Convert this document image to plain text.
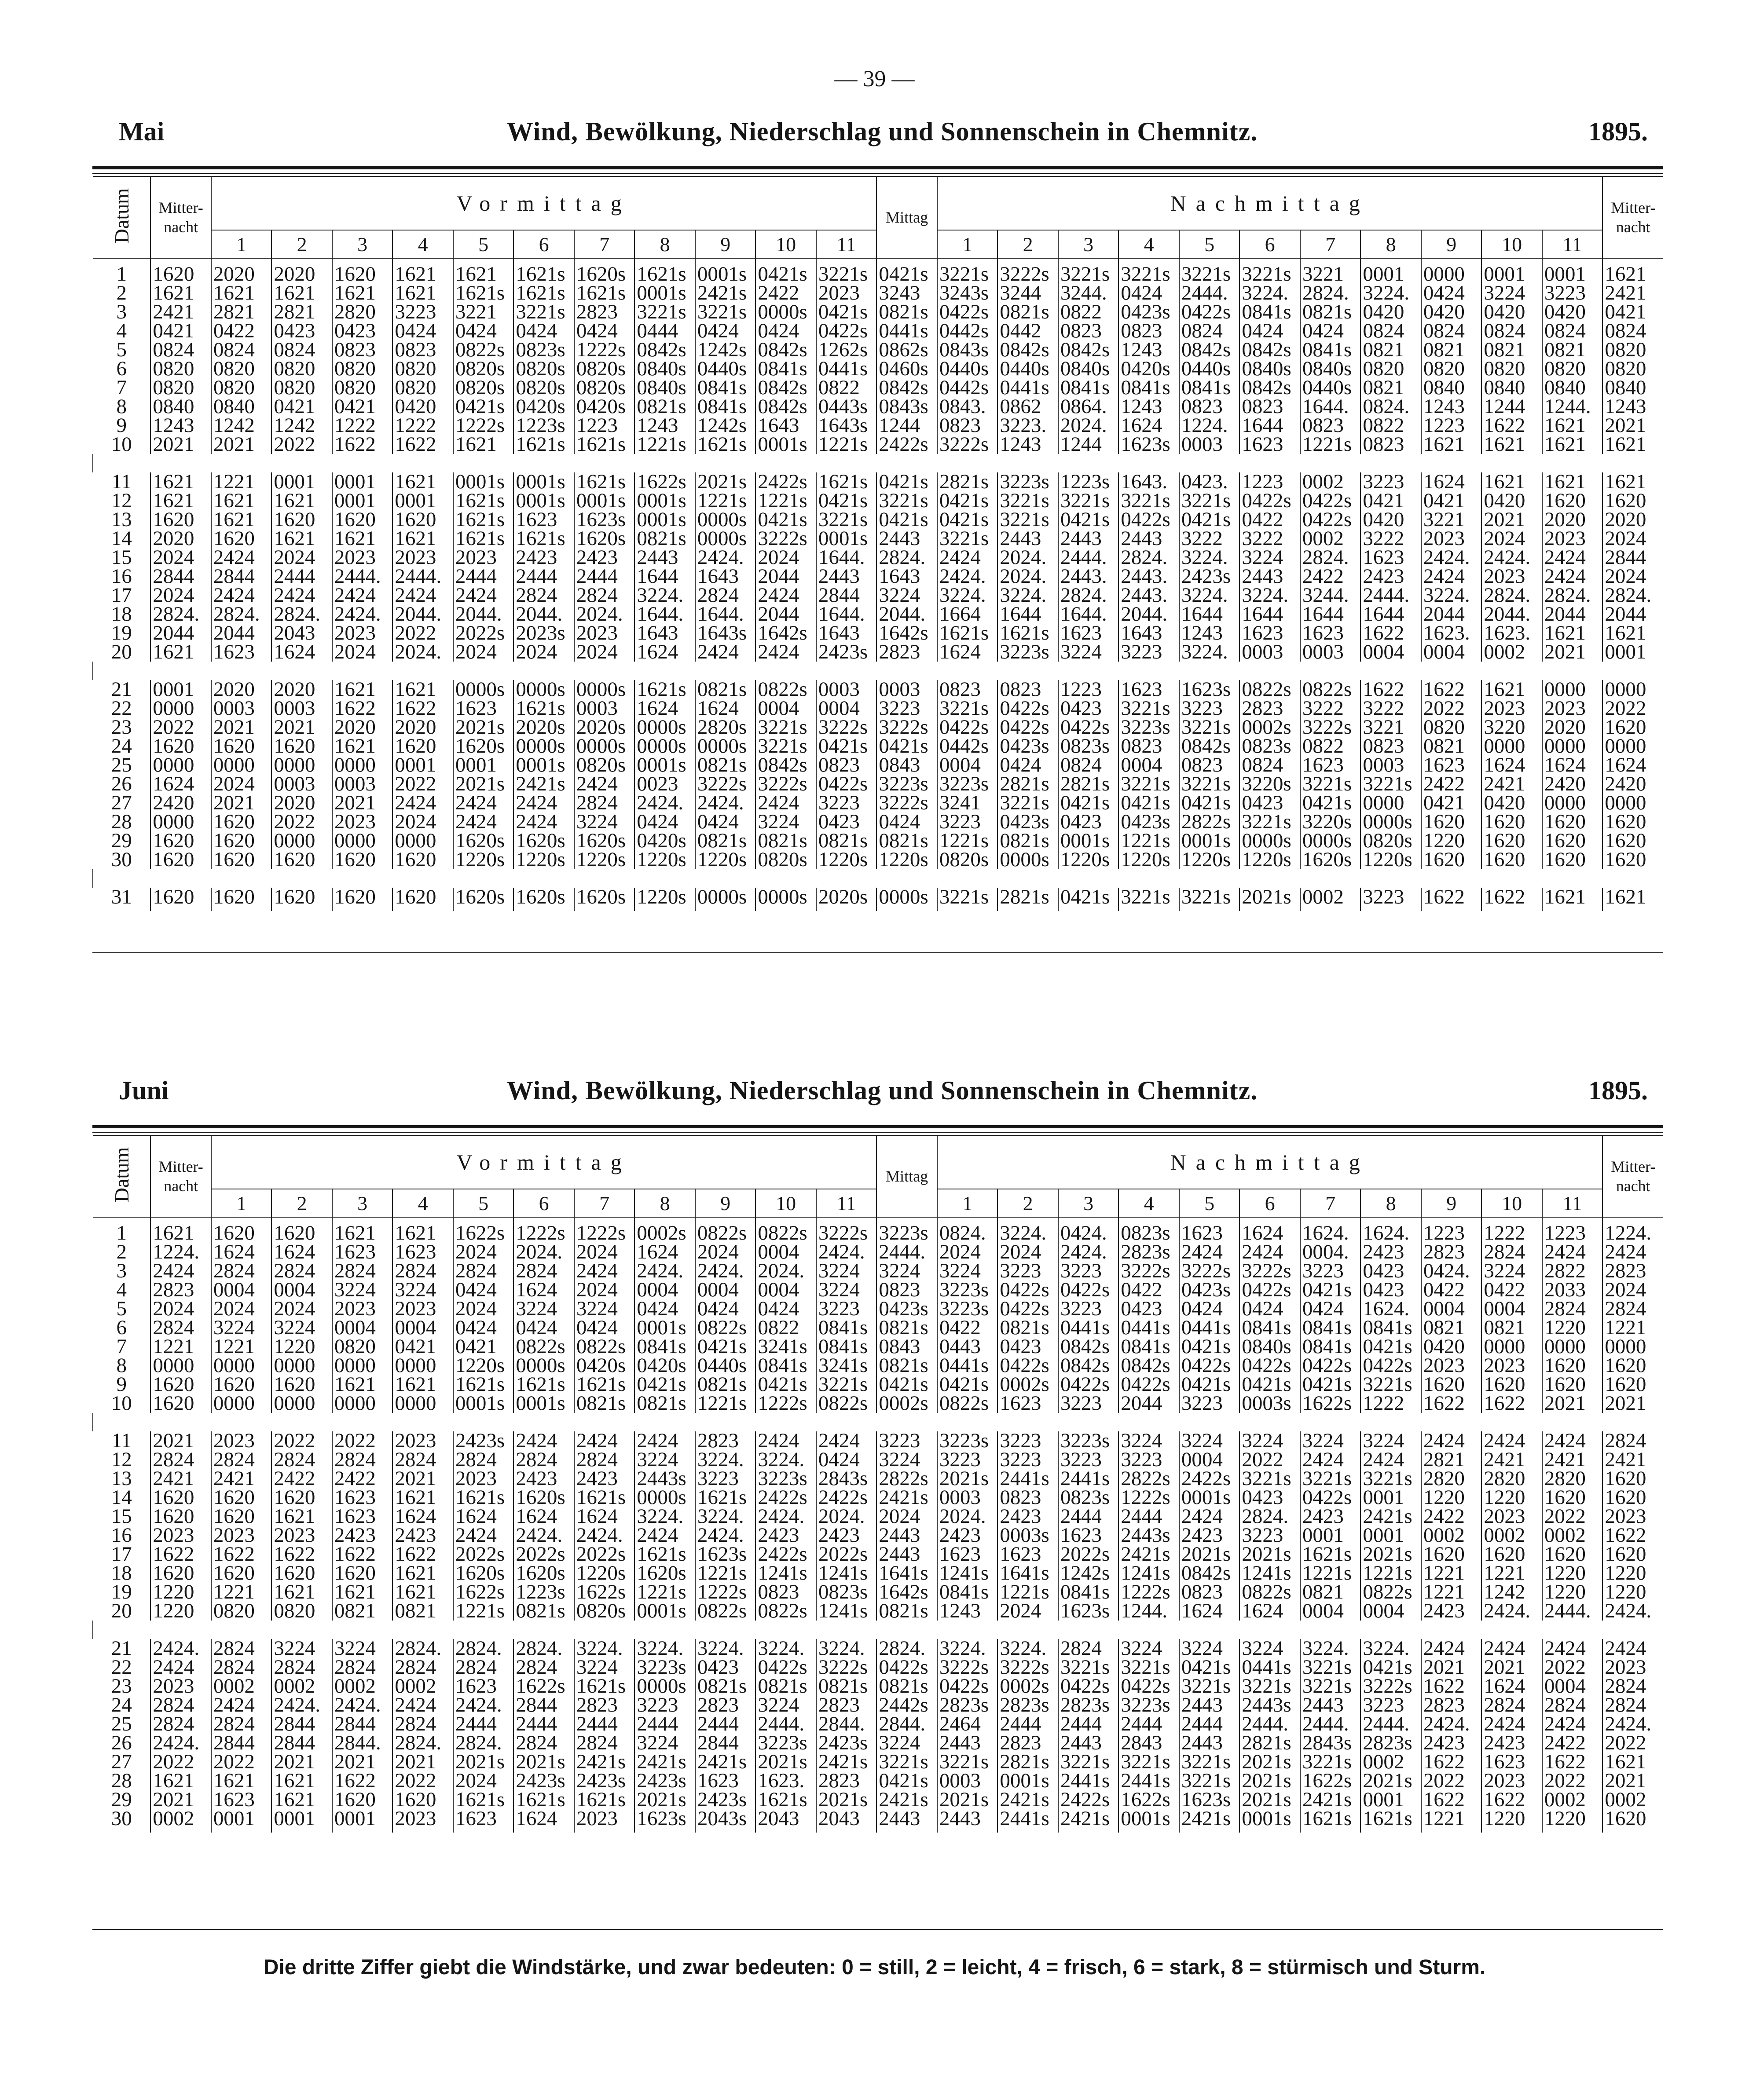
— 39 —
Mai	Wind, Bewölkung, Niederschlag und Sonnenschein in Chemnitz.	1895.
Datum	Mitter-nacht	Vormittag											Mittag	Nachmittag											Mitter-nacht
		1	2	3	4	5	6	7	8	9	10	11		1	2	3	4	5	6	7	8	9	10	11	
1	1620	2020	2020	1620	1621	1621	1621s	1620s	1621s	0001s	0421s	3221s	0421s	3221s	3222s	3221s	3221s	3221s	3221s	3221	0001	0000	0001	0001	1621
2	1621	1621	1621	1621	1621	1621s	1621s	1621s	0001s	2421s	2422	2023	3243	3243s	3244	3244.	0424	2444.	3224.	2824.	3224.	0424	3224	3223	2421
3	2421	2821	2821	2820	3223	3221	3221s	2823	3221s	3221s	0000s	0421s	0821s	0422s	0821s	0822	0423s	0422s	0841s	0821s	0420	0420	0420	0420	0421
4	0421	0422	0423	0423	0424	0424	0424	0424	0444	0424	0424	0422s	0441s	0442s	0442	0823	0823	0824	0424	0424	0824	0824	0824	0824	0824
5	0824	0824	0824	0823	0823	0822s	0823s	1222s	0842s	1242s	0842s	1262s	0862s	0843s	0842s	0842s	1243	0842s	0842s	0841s	0821	0821	0821	0821	0820
6	0820	0820	0820	0820	0820	0820s	0820s	0820s	0840s	0440s	0841s	0441s	0460s	0440s	0440s	0840s	0420s	0440s	0840s	0840s	0820	0820	0820	0820	0820
7	0820	0820	0820	0820	0820	0820s	0820s	0820s	0840s	0841s	0842s	0822	0842s	0442s	0441s	0841s	0841s	0841s	0842s	0440s	0821	0840	0840	0840	0840
8	0840	0840	0421	0421	0420	0421s	0420s	0420s	0821s	0841s	0842s	0443s	0843s	0843.	0862	0864.	1243	0823	0823	1644.	0824.	1243	1244	1244.	1243
9	1243	1242	1242	1222	1222	1222s	1223s	1223	1243	1242s	1643	1643s	1244	0823	3223.	2024.	1624	1224.	1644	0823	0822	1223	1622	1621	2021
10	2021	2021	2022	1622	1622	1621	1621s	1621s	1221s	1621s	0001s	1221s	2422s	3222s	1243	1244	1623s	0003	1623	1221s	0823	1621	1621	1621	1621

11	1621	1221	0001	0001	1621	0001s	0001s	1621s	1622s	2021s	2422s	1621s	0421s	2821s	3223s	1223s	1643.	0423.	1223	0002	3223	1624	1621	1621	1621
12	1621	1621	1621	0001	0001	1621s	0001s	0001s	0001s	1221s	1221s	0421s	3221s	0421s	3221s	3221s	3221s	3221s	0422s	0422s	0421	0421	0420	1620	1620
13	1620	1621	1620	1620	1620	1621s	1623	1623s	0001s	0000s	0421s	3221s	0421s	0421s	3221s	0421s	0422s	0421s	0422	0422s	0420	3221	2021	2020	2020
14	2020	1620	1621	1621	1621	1621s	1621s	1620s	0821s	0000s	3222s	0001s	2443	3221s	2443	2443	2443	3222	3222	0002	3222	2023	2024	2023	2024
15	2024	2424	2024	2023	2023	2023	2423	2423	2443	2424.	2024	1644.	2824.	2424	2024.	2444.	2824.	3224.	3224	2824.	1623	2424.	2424.	2424	2844
16	2844	2844	2444	2444.	2444.	2444	2444	2444	1644	1643	2044	2443	1643	2424.	2024.	2443.	2443.	2423s	2443	2422	2423	2424	2023	2424	2024
17	2024	2424	2424	2424	2424	2424	2824	2824	3224.	2824	2424	2844	3224	3224.	3224.	2824.	2443.	3224.	3224.	3244.	2444.	3224.	2824.	2824.	2824.
18	2824.	2824.	2824.	2424.	2044.	2044.	2044.	2024.	1644.	1644.	2044	1644.	2044.	1664	1644	1644.	2044.	1644	1644	1644	1644	2044	2044.	2044	2044
19	2044	2044	2043	2023	2022	2022s	2023s	2023	1643	1643s	1642s	1643	1642s	1621s	1621s	1623	1643	1243	1623	1623	1622	1623.	1623.	1621	1621
20	1621	1623	1624	2024	2024.	2024	2024	2024	1624	2424	2424	2423s	2823	1624	3223s	3224	3223	3224.	0003	0003	0004	0004	0002	2021	0001

21	0001	2020	2020	1621	1621	0000s	0000s	0000s	1621s	0821s	0822s	0003	0003	0823	0823	1223	1623	1623s	0822s	0822s	1622	1622	1621	0000	0000
22	0000	0003	0003	1622	1622	1623	1621s	0003	1624	1624	0004	0004	3223	3221s	0422s	0423	3221s	3223	2823	3222	3222	2022	2023	2023	2022
23	2022	2021	2021	2020	2020	2021s	2020s	2020s	0000s	2820s	3221s	3222s	3222s	0422s	0422s	0422s	3223s	3221s	0002s	3222s	3221	0820	3220	2020	1620
24	1620	1620	1620	1621	1620	1620s	0000s	0000s	0000s	0000s	3221s	0421s	0421s	0442s	0423s	0823s	0823	0842s	0823s	0822	0823	0821	0000	0000	0000
25	0000	0000	0000	0000	0001	0001	0001s	0820s	0001s	0821s	0842s	0823	0843	0004	0424	0824	0004	0823	0824	1623	0003	1623	1624	1624	1624
26	1624	2024	0003	0003	2022	2021s	2421s	2424	0023	3222s	3222s	0422s	3223s	3223s	2821s	2821s	3221s	3221s	3220s	3221s	3221s	2422	2421	2420	2420
27	2420	2021	2020	2021	2424	2424	2424	2824	2424.	2424.	2424	3223	3222s	3241	3221s	0421s	0421s	0421s	0423	0421s	0000	0421	0420	0000	0000
28	0000	1620	2022	2023	2024	2424	2424	3224	0424	0424	3224	0423	0424	3223	0423s	0423	0423s	2822s	3221s	3220s	0000s	1620	1620	1620	1620
29	1620	1620	0000	0000	0000	1620s	1620s	1620s	0420s	0821s	0821s	0821s	0821s	1221s	0821s	0001s	1221s	0001s	0000s	0000s	0820s	1220	1620	1620	1620
30	1620	1620	1620	1620	1620	1220s	1220s	1220s	1220s	1220s	0820s	1220s	1220s	0820s	0000s	1220s	1220s	1220s	1220s	1620s	1220s	1620	1620	1620	1620

31	1620	1620	1620	1620	1620	1620s	1620s	1620s	1220s	0000s	0000s	2020s	0000s	3221s	2821s	0421s	3221s	3221s	2021s	0002	3223	1622	1622	1621	1621

Juni	Wind, Bewölkung, Niederschlag und Sonnenschein in Chemnitz.	1895.
Datum	Mitter-nacht	Vormittag											Mittag	Nachmittag											Mitter-nacht
		1	2	3	4	5	6	7	8	9	10	11		1	2	3	4	5	6	7	8	9	10	11	
1	1621	1620	1620	1621	1621	1622s	1222s	1222s	0002s	0822s	0822s	3222s	3223s	0824.	3224.	0424.	0823s	1623	1624	1624.	1624.	1223	1222	1223	1224.
2	1224.	1624	1624	1623	1623	2024	2024.	2024	1624	2024	0004	2424.	2444.	2024	2024	2424.	2823s	2424	2424	0004.	2423	2823	2824	2424	2424
3	2424	2824	2824	2824	2824	2824	2824	2424	2424.	2424.	2024.	3224	3224	3224	3223	3223	3222s	3222s	3222s	3223	0423	0424.	3224	2822	2823
4	2823	0004	0004	3224	3224	0424	1624	2024	0004	0004	0004	3224	0823	3223s	0422s	0422s	0422	0423s	0422s	0421s	0423	0422	0422	2033	2024
5	2024	2024	2024	2023	2023	2024	3224	3224	0424	0424	0424	3223	0423s	3223s	0422s	3223	0423	0424	0424	0424	1624.	0004	0004	2824	2824
6	2824	3224	3224	0004	0004	0424	0424	0424	0001s	0822s	0822	0841s	0821s	0422	0821s	0441s	0441s	0441s	0841s	0841s	0841s	0821	0821	1220	1221
7	1221	1221	1220	0820	0421	0421	0822s	0822s	0841s	0421s	3241s	0841s	0843	0443	0423	0842s	0841s	0421s	0840s	0841s	0421s	0420	0000	0000	0000
8	0000	0000	0000	0000	0000	1220s	0000s	0420s	0420s	0440s	0841s	3241s	0821s	0441s	0422s	0842s	0842s	0422s	0422s	0422s	0422s	2023	2023	1620	1620
9	1620	1620	1620	1621	1621	1621s	1621s	1621s	0421s	0821s	0421s	3221s	0421s	0421s	0002s	0422s	0422s	0421s	0421s	0421s	3221s	1620	1620	1620	1620
10	1620	0000	0000	0000	0000	0001s	0001s	0821s	0821s	1221s	1222s	0822s	0002s	0822s	1623	3223	2044	3223	0003s	1622s	1222	1622	1622	2021	2021

11	2021	2023	2022	2022	2023	2423s	2424	2424	2424	2823	2424	2424	3223	3223s	3223	3223s	3224	3224	3224	3224	3224	2424	2424	2424	2824
12	2824	2824	2824	2824	2824	2824	2824	2824	3224	3224.	3224.	0424	3224	3223	3223	3223	3223	0004	2022	2424	2424	2821	2421	2421	2421
13	2421	2421	2422	2422	2021	2023	2423	2423	2443s	3223	3223s	2843s	2822s	2021s	2441s	2441s	2822s	2422s	3221s	3221s	3221s	2820	2820	2820	1620
14	1620	1620	1620	1623	1621	1621s	1620s	1621s	0000s	1621s	2422s	2422s	2421s	0003	0823	0823s	1222s	0001s	0423	0422s	0001	1220	1220	1620	1620
15	1620	1620	1621	1623	1624	1624	1624	1624	3224.	3224.	2424.	2024.	2024	2024.	2423	2444	2444	2424	2824.	2423	2421s	2422	2023	2022	2023
16	2023	2023	2023	2423	2423	2424	2424.	2424.	2424	2424.	2423	2423	2443	2423	0003s	1623	2443s	2423	3223	0001	0001	0002	0002	0002	1622
17	1622	1622	1622	1622	1622	2022s	2022s	2022s	1621s	1623s	2422s	2022s	2443	1623	1623	2022s	2421s	2021s	2021s	1621s	2021s	1620	1620	1620	1620
18	1620	1620	1620	1620	1621	1620s	1620s	1220s	1620s	1221s	1241s	1241s	1641s	1241s	1641s	1242s	1241s	0842s	1241s	1221s	1221s	1221	1221	1220	1220
19	1220	1221	1621	1621	1621	1622s	1223s	1622s	1221s	1222s	0823	0823s	1642s	0841s	1221s	0841s	1222s	0823	0822s	0821	0822s	1221	1242	1220	1220
20	1220	0820	0820	0821	0821	1221s	0821s	0820s	0001s	0822s	0822s	1241s	0821s	1243	2024	1623s	1244.	1624	1624	0004	0004	2423	2424.	2444.	2424.

21	2424.	2824	3224	3224	2824.	2824.	2824.	3224.	3224.	3224.	3224.	3224.	2824.	3224.	3224.	2824	3224	3224	3224	3224.	3224.	2424	2424	2424	2424
22	2424	2824	2824	2824	2824	2824	2824	3224	3223s	0423	0422s	3222s	0422s	3222s	3222s	3221s	3221s	0421s	0441s	3221s	0421s	2021	2021	2022	2023
23	2023	0002	0002	0002	0002	1623	1622s	1621s	0000s	0821s	0821s	0821s	0821s	0422s	0002s	0422s	0422s	3221s	3221s	3221s	3222s	1622	1624	0004	2824
24	2824	2424	2424.	2424.	2424	2424.	2844	2823	3223	2823	3224	2823	2442s	2823s	2823s	2823s	3223s	2443	2443s	2443	3223	2823	2824	2824	2824
25	2824	2824	2844	2844	2824	2444	2444	2444	2444	2444	2444.	2844.	2844.	2464	2444	2444	2444	2444	2444.	2444.	2444.	2424.	2424	2424	2424.
26	2424.	2844	2844	2844.	2824.	2824.	2824	2824	3224	2844	3223s	2423s	3224	2443	2823	2443	2843	2443	2821s	2843s	2823s	2423	2423	2422	2022
27	2022	2022	2021	2021	2021	2021s	2021s	2421s	2421s	2421s	2021s	2421s	3221s	3221s	2821s	3221s	3221s	3221s	2021s	3221s	0002	1622	1623	1622	1621
28	1621	1621	1621	1622	2022	2024	2423s	2423s	2423s	1623	1623.	2823	0421s	0003	0001s	2441s	2441s	3221s	2021s	1622s	2021s	2022	2023	2022	2021
29	2021	1623	1621	1620	1620	1621s	1621s	1621s	2021s	2423s	1621s	2021s	2421s	2021s	2421s	2422s	1622s	1623s	2021s	2421s	0001	1622	1622	0002	0002
30	0002	0001	0001	0001	2023	1623	1624	2023	1623s	2043s	2043	2043	2443	2443	2441s	2421s	0001s	2421s	0001s	1621s	1621s	1221	1220	1220	1620

Die dritte Ziffer giebt die Windstärke, und zwar bedeuten: 0 = still, 2 = leicht, 4 = frisch, 6 = stark, 8 = stürmisch und Sturm.
